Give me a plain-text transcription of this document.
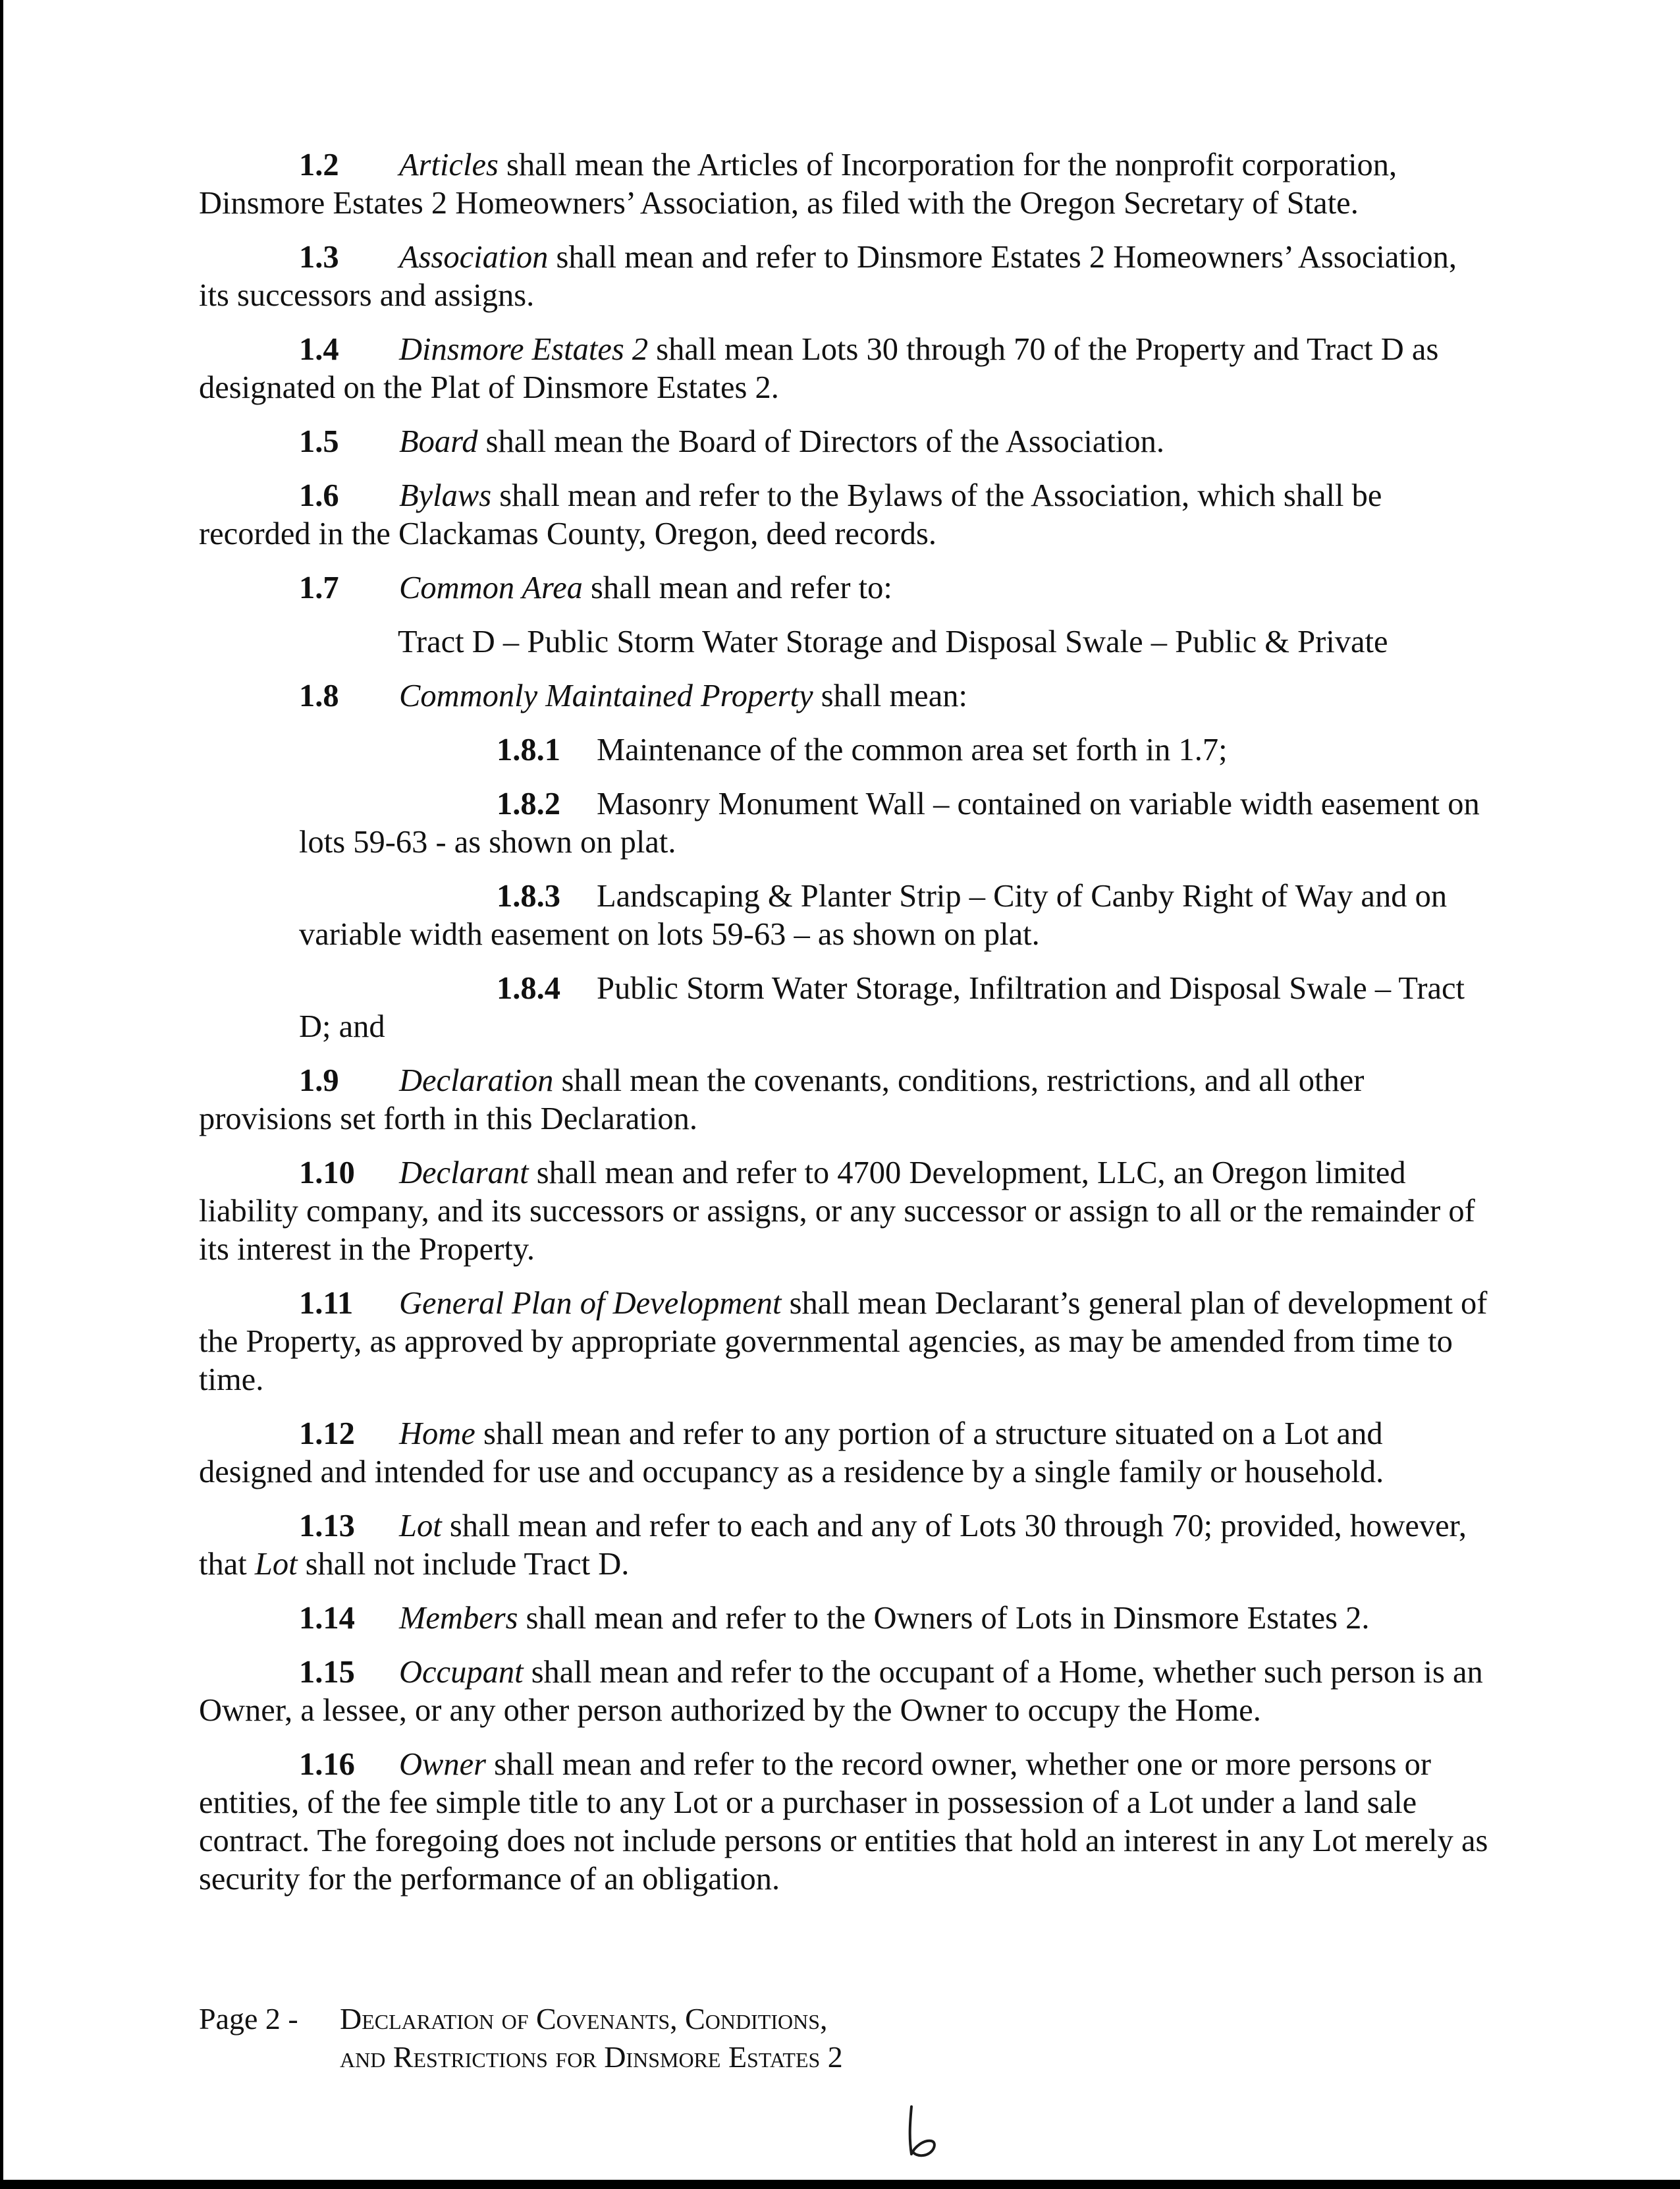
1.2 Articles shall mean the Articles of Incorporation for the nonprofit corporation, Dinsmore Estates 2 Homeowners’ Association, as filed with the Oregon Secretary of State.

1.3 Association shall mean and refer to Dinsmore Estates 2 Homeowners’ Association, its successors and assigns.

1.4 Dinsmore Estates 2 shall mean Lots 30 through 70 of the Property and Tract D as designated on the Plat of Dinsmore Estates 2.

1.5 Board shall mean the Board of Directors of the Association.

1.6 Bylaws shall mean and refer to the Bylaws of the Association, which shall be recorded in the Clackamas County, Oregon, deed records.

1.7 Common Area shall mean and refer to:

Tract D – Public Storm Water Storage and Disposal Swale – Public & Private

1.8 Commonly Maintained Property shall mean:

1.8.1 Maintenance of the common area set forth in 1.7;

1.8.2 Masonry Monument Wall – contained on variable width easement on lots 59-63 - as shown on plat.

1.8.3 Landscaping & Planter Strip – City of Canby Right of Way and on variable width easement on lots 59-63 – as shown on plat.

1.8.4 Public Storm Water Storage, Infiltration and Disposal Swale – Tract D; and

1.9 Declaration shall mean the covenants, conditions, restrictions, and all other provisions set forth in this Declaration.

1.10 Declarant shall mean and refer to 4700 Development, LLC, an Oregon limited liability company, and its successors or assigns, or any successor or assign to all or the remainder of its interest in the Property.

1.11 General Plan of Development shall mean Declarant’s general plan of development of the Property, as approved by appropriate governmental agencies, as may be amended from time to time.

1.12 Home shall mean and refer to any portion of a structure situated on a Lot and designed and intended for use and occupancy as a residence by a single family or household.

1.13 Lot shall mean and refer to each and any of Lots 30 through 70; provided, however, that Lot shall not include Tract D.

1.14 Members shall mean and refer to the Owners of Lots in Dinsmore Estates 2.

1.15 Occupant shall mean and refer to the occupant of a Home, whether such person is an Owner, a lessee, or any other person authorized by the Owner to occupy the Home.

1.16 Owner shall mean and refer to the record owner, whether one or more persons or entities, of the fee simple title to any Lot or a purchaser in possession of a Lot under a land sale contract. The foregoing does not include persons or entities that hold an interest in any Lot merely as security for the performance of an obligation.

Page 2 -	Declaration of Covenants, Conditions,
and Restrictions for Dinsmore Estates 2
